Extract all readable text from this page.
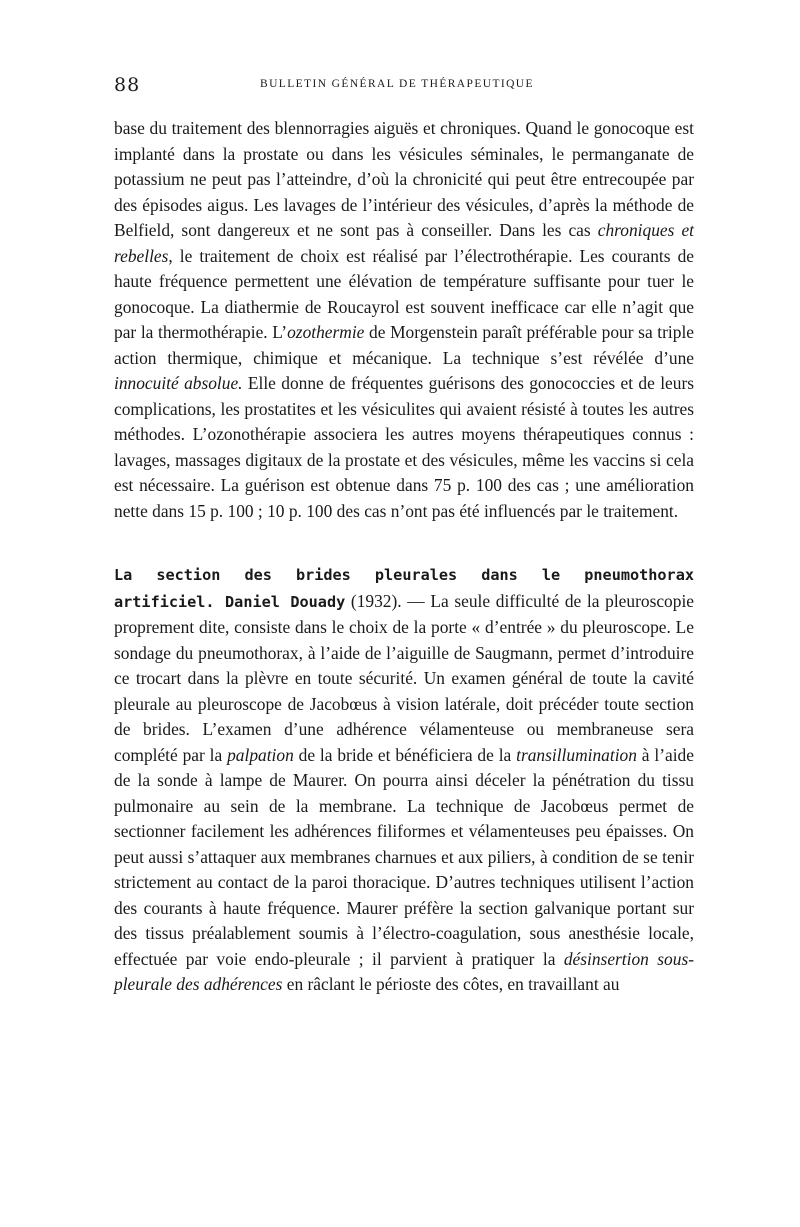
88	BULLETIN GÉNÉRAL DE THÉRAPEUTIQUE

base du traitement des blennorragies aiguës et chroniques. Quand le gonocoque est implanté dans la prostate ou dans les vésicules séminales, le permanganate de potassium ne peut pas l’atteindre, d’où la chronicité qui peut être entrecoupée par des épisodes aigus. Les lavages de l’intérieur des vésicules, d’après la méthode de Belfield, sont dangereux et ne sont pas à conseiller. Dans les cas chroniques et rebelles, le traitement de choix est réalisé par l’électrothérapie. Les courants de haute fréquence permettent une élévation de température suffisante pour tuer le gonocoque. La diathermie de Roucayrol est souvent inefficace car elle n’agit que par la thermothérapie. L’ozothermie de Morgenstein paraît préférable pour sa triple action thermique, chimique et mécanique. La technique s’est révélée d’une innocuité absolue. Elle donne de fréquentes guérisons des gonococcies et de leurs complications, les prostatites et les vésiculites qui avaient résisté à toutes les autres méthodes. L’ozonothérapie associera les autres moyens thérapeutiques connus : lavages, massages digitaux de la prostate et des vésicules, même les vaccins si cela est nécessaire. La guérison est obtenue dans 75 p. 100 des cas ; une amélioration nette dans 15 p. 100 ; 10 p. 100 des cas n’ont pas été influencés par le traitement.

La section des brides pleurales dans le pneumothorax artificiel. Daniel Douady (1932). — La seule difficulté de la pleuroscopie proprement dite, consiste dans le choix de la porte « d’entrée » du pleuroscope. Le sondage du pneumothorax, à l’aide de l’aiguille de Saugmann, permet d’introduire ce trocart dans la plèvre en toute sécurité. Un examen général de toute la cavité pleurale au pleuroscope de Jacobœus à vision latérale, doit précéder toute section de brides. L’examen d’une adhérence vélamenteuse ou membraneuse sera complété par la palpation de la bride et bénéficiera de la transillumination à l’aide de la sonde à lampe de Maurer. On pourra ainsi déceler la pénétration du tissu pulmonaire au sein de la membrane. La technique de Jacobœus permet de sectionner facilement les adhérences filiformes et vélamenteuses peu épaisses. On peut aussi s’attaquer aux membranes charnues et aux piliers, à condition de se tenir strictement au contact de la paroi thoracique. D’autres techniques utilisent l’action des courants à haute fréquence. Maurer préfère la section galvanique portant sur des tissus préalablement soumis à l’électro-coagulation, sous anesthésie locale, effectuée par voie endo-pleurale ; il parvient à pratiquer la désinsertion sous-pleurale des adhérences en râclant le périoste des côtes, en travaillant au
